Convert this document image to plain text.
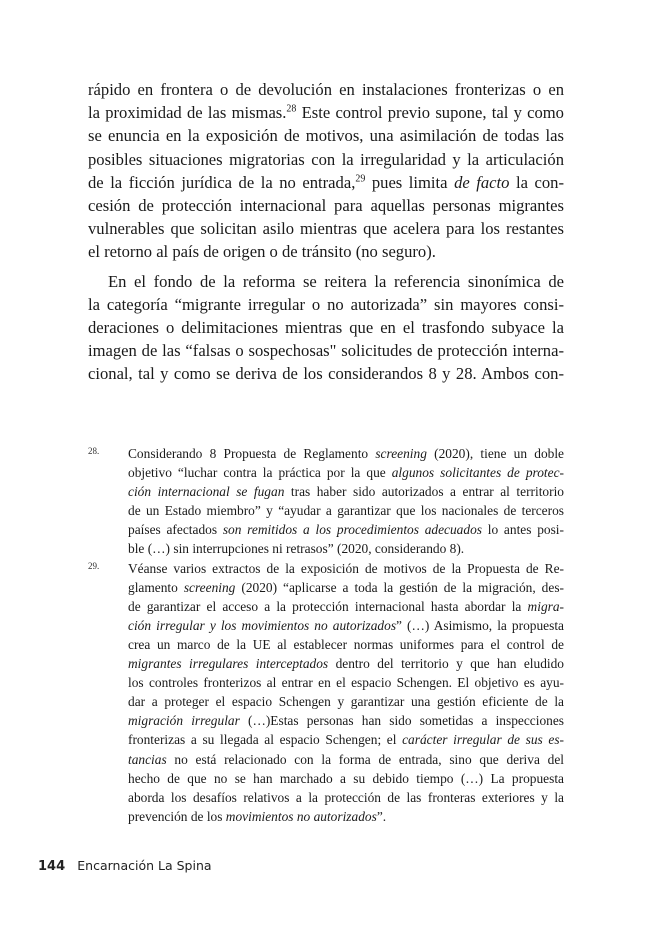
rápido en frontera o de devolución en instalaciones fronterizas o en
la proximidad de las mismas.$^{28}$ Este control previo supone, tal y como
se enuncia en la exposición de motivos, una asimilación de todas las
posibles situaciones migratorias con la irregularidad y la articulación
de la ficción jurídica de la no entrada,$^{29}$ pues limita de facto la con-
cesión de protección internacional para aquellas personas migrantes
vulnerables que solicitan asilo mientras que acelera para los restantes
el retorno al país de origen o de tránsito (no seguro).
En el fondo de la reforma se reitera la referencia sinonímica de
la categoría “migrante irregular o no autorizada” sin mayores consi-
deraciones o delimitaciones mientras que en el trasfondo subyace la
imagen de las “falsas o sospechosas" solicitudes de protección interna-
cional, tal y como se deriva de los considerandos 8 y 28. Ambos con-
28. Considerando 8 Propuesta de Reglamento screening (2020), tiene un doble
objetivo “luchar contra la práctica por la que algunos solicitantes de protec-
ción internacional se fugan tras haber sido autorizados a entrar al territorio
de un Estado miembro” y “ayudar a garantizar que los nacionales de terceros
países afectados son remitidos a los procedimientos adecuados lo antes posi-
ble (…) sin interrupciones ni retrasos” (2020, considerando 8).
29. Véanse varios extractos de la exposición de motivos de la Propuesta de Re-
glamento screening (2020) “aplicarse a toda la gestión de la migración, des-
de garantizar el acceso a la protección internacional hasta abordar la migra-
ción irregular y los movimientos no autorizados” (…) Asimismo, la propuesta
crea un marco de la UE al establecer normas uniformes para el control de
migrantes irregulares interceptados dentro del territorio y que han eludido
los controles fronterizos al entrar en el espacio Schengen. El objetivo es ayu-
dar a proteger el espacio Schengen y garantizar una gestión eficiente de la
migración irregular (…)Estas personas han sido sometidas a inspecciones
fronterizas a su llegada al espacio Schengen; el carácter irregular de sus es-
tancias no está relacionado con la forma de entrada, sino que deriva del
hecho de que no se han marchado a su debido tiempo (…) La propuesta
aborda los desafíos relativos a la protección de las fronteras exteriores y la
prevención de los movimientos no autorizados”.
144 Encarnación La Spina
